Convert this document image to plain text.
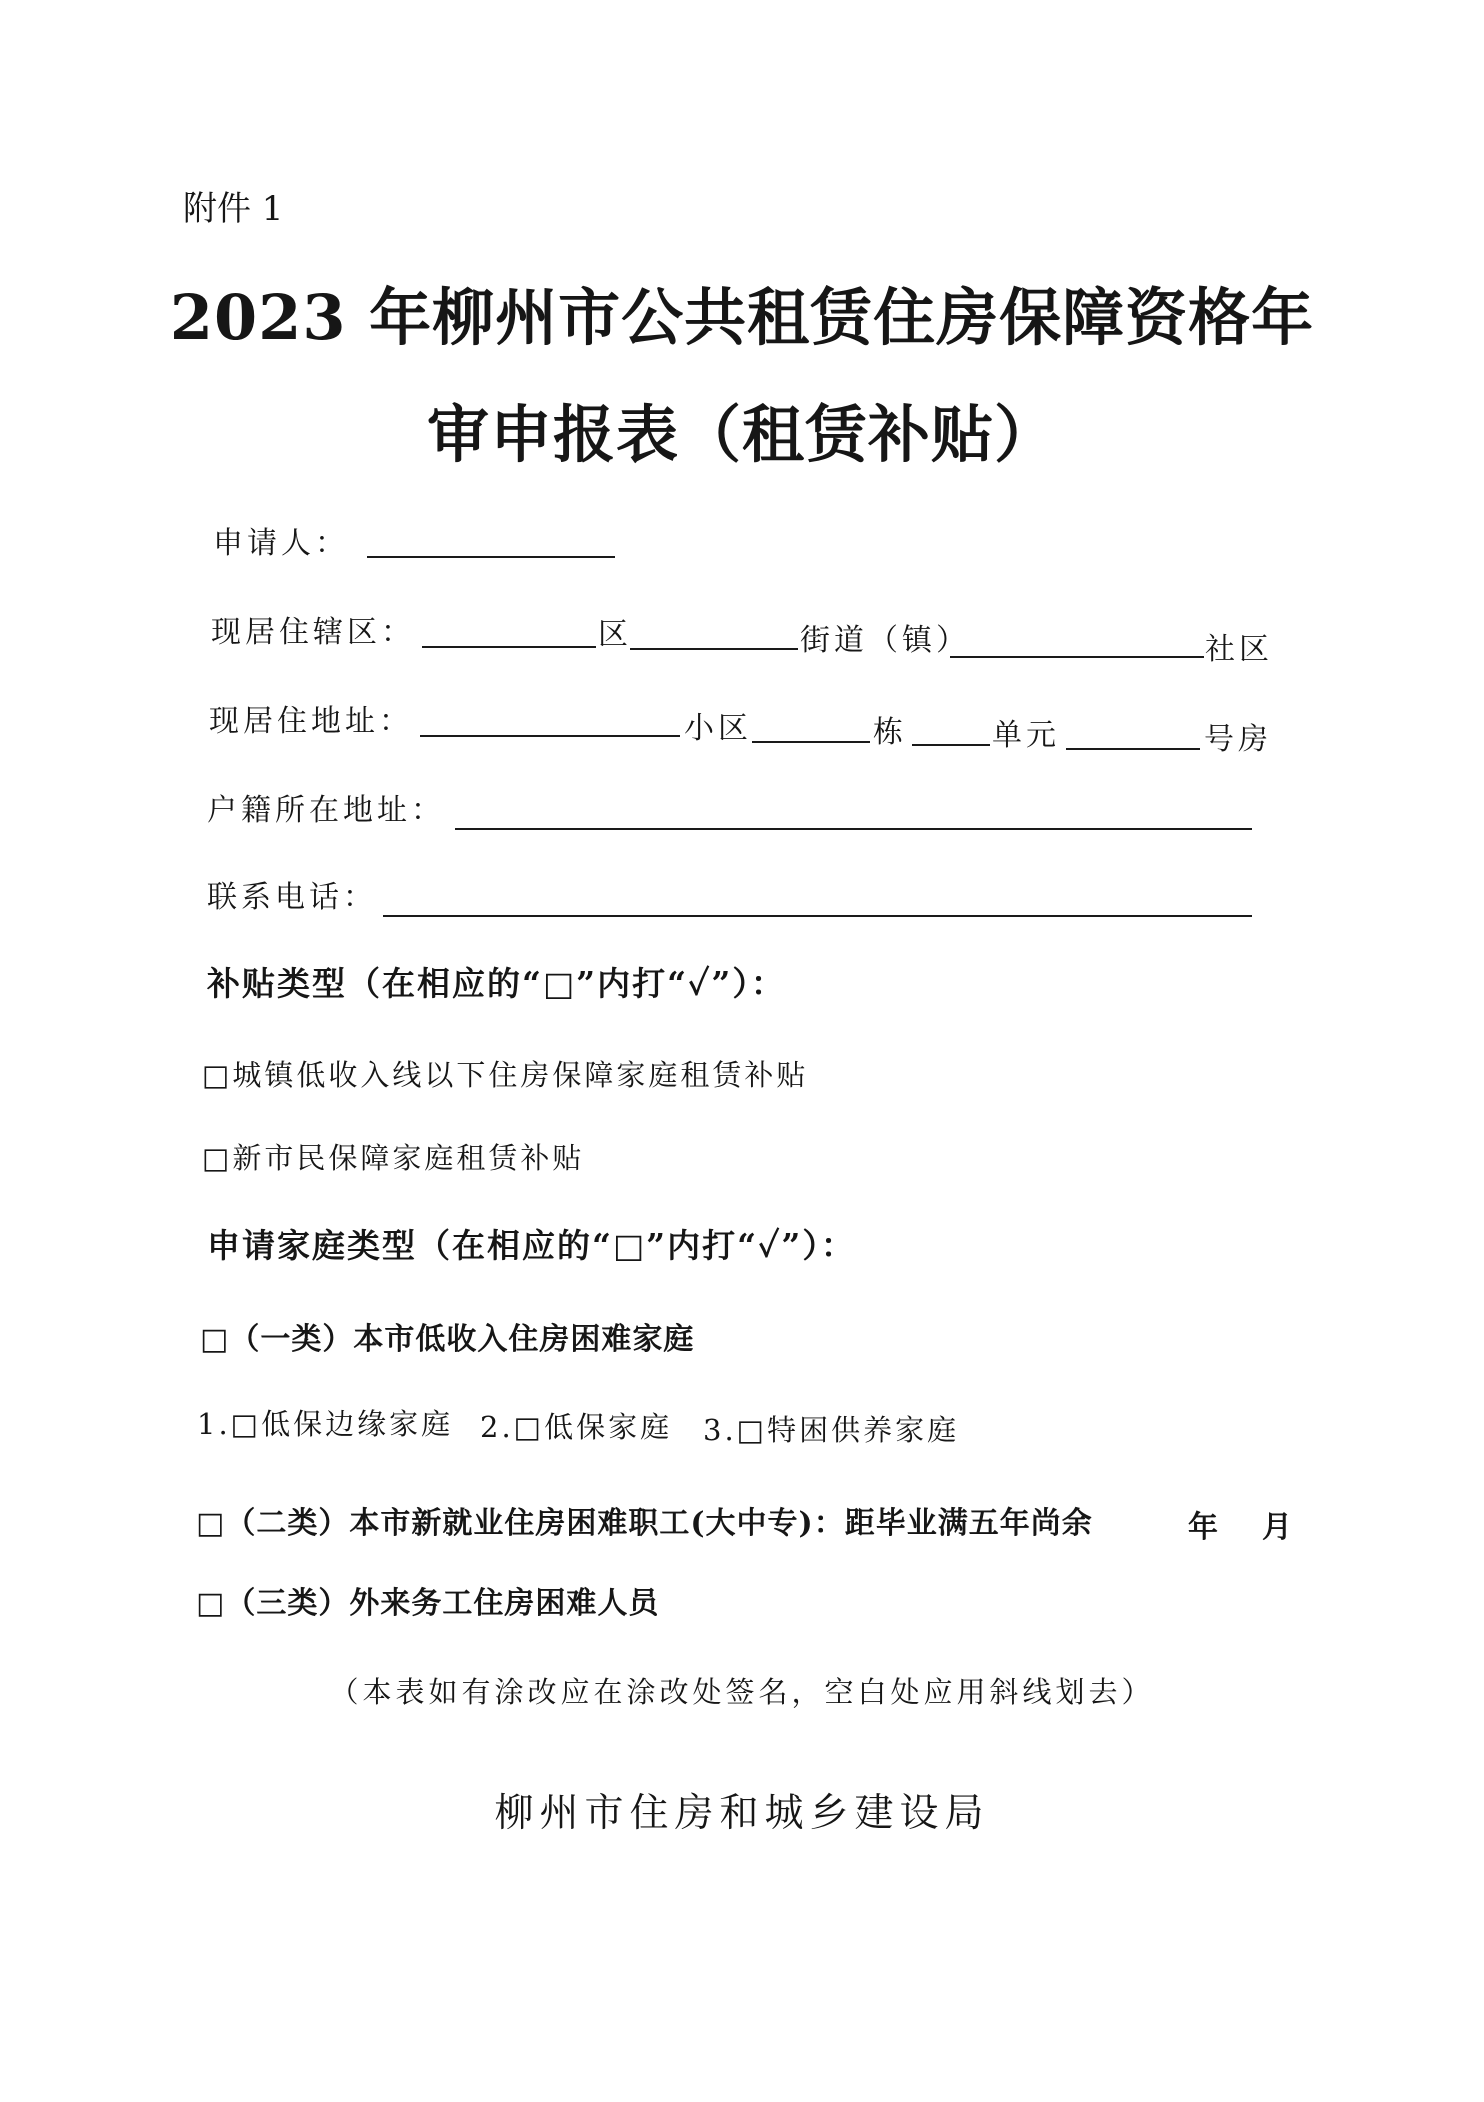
附件 1
2023 年柳州市公共租赁住房保障资格年
审申报表（租赁补贴）
申请人：
现居住辖区：	区	街道（镇）	社区
现居住地址：	小区	栋	单元	号房
户籍所在地址：
联系电话：
补贴类型（在相应的“□”内打“✓”）：
□城镇低收入线以下住房保障家庭租赁补贴
□新市民保障家庭租赁补贴
申请家庭类型（在相应的“□”内打“✓”）：
□（一类）本市低收入住房困难家庭
1.□低保边缘家庭 2.□低保家庭 3.□特困供养家庭
□（二类）本市新就业住房困难职工(大中专)：距毕业满五年尚余	年 月
□（三类）外来务工住房困难人员
（本表如有涂改应在涂改处签名，空白处应用斜线划去）
柳州市住房和城乡建设局
